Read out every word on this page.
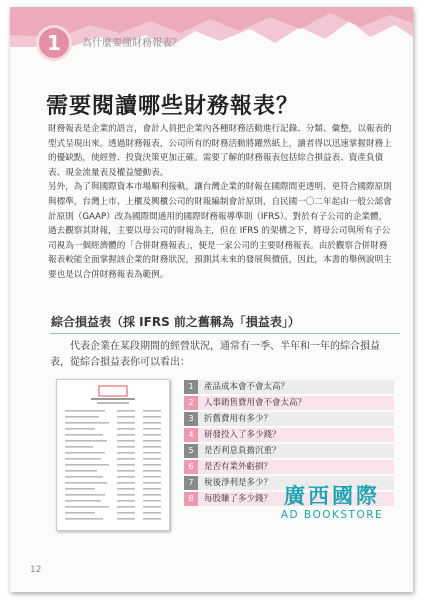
1	為什麼要懂財務報表？
需要閱讀哪些財務報表？

財務報表是企業的語言，會計人員把企業內各種財務活動進行記錄、分類、彙整，以報表的型式呈現出來。透過財務報表，公司所有的財務活動將躍然紙上，讀者得以迅速掌握財務上的優缺點，使經營、投資決策更加正確。需要了解的財務報表包括綜合損益表、資產負債表、現金流量表及權益變動表。

另外，為了與國際資本市場順利接軌，讓台灣企業的財報在國際間更透明、更符合國際原則與標準，台灣上市、上櫃及興櫃公司的財報編制會計原則，自民國一〇二年起由一般公認會計原則（GAAP）改為國際間通用的國際財務報導準則（IFRS）。對於有子公司的企業體，過去觀察其財報，主要以母公司的財報為主，但在 IFRS 的架構之下，將母公司與所有子公司視為一個經濟體的「合併財務報表」，便是一家公司的主要財務報表。由於觀察合併財務報表較能全面掌握該企業的財務狀況，預測其未來的發展與價值，因此，本書的舉例說明主要也是以合併財務報表為範例。

綜合損益表（採 IFRS 前之舊稱為「損益表」）

代表企業在某段期間的經營狀況，通常有一季、半年和一年的綜合損益表，從綜合損益表你可以看出：

1	產品成本會不會太高？
2	人事銷售費用會不會太高？
3	折舊費用有多少？
4	研發投入了多少錢？
5	是否利息負擔沉重？
6	是否有業外虧損？
7	稅後淨利是多少？
8	每股賺了多少錢？ 廣西國際
AD BOOKSTORE
12
